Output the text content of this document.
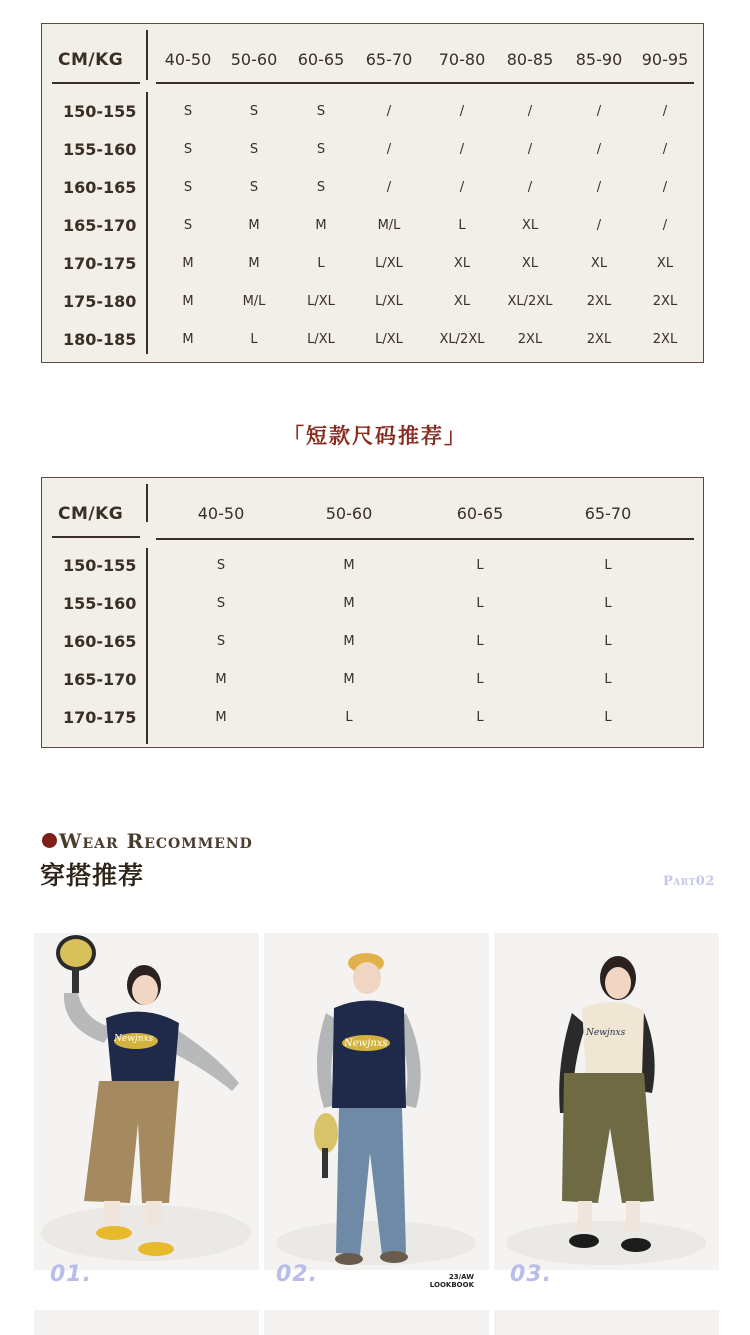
CM/KG	40-50	50-60	60-65	65-70	70-80	80-85	85-90	90-95
150-155	S	S	S	/	/	/	/	/
155-160	S	S	S	/	/	/	/	/
160-165	S	S	S	/	/	/	/	/
165-170	S	M	M	M/L	L	XL	/	/
170-175	M	M	L	L/XL	XL	XL	XL	XL
175-180	M	M/L	L/XL	L/XL	XL	XL/2XL	2XL	2XL
180-185	M	L	L/XL	L/XL	XL/2XL	2XL	2XL	2XL
「短款尺码推荐」
CM/KG	40-50	50-60	60-65	65-70
150-155	S	M	L	L
155-160	S	M	L	L
160-165	S	M	L	L
165-170	M	M	L	L
170-175	M	L	L	L
Wear Recommend
穿搭推荐	Part02
Newjnxs	Newjnxs
Newjnxs
01.	02.	03.
23/AW
LOOKBOOK
